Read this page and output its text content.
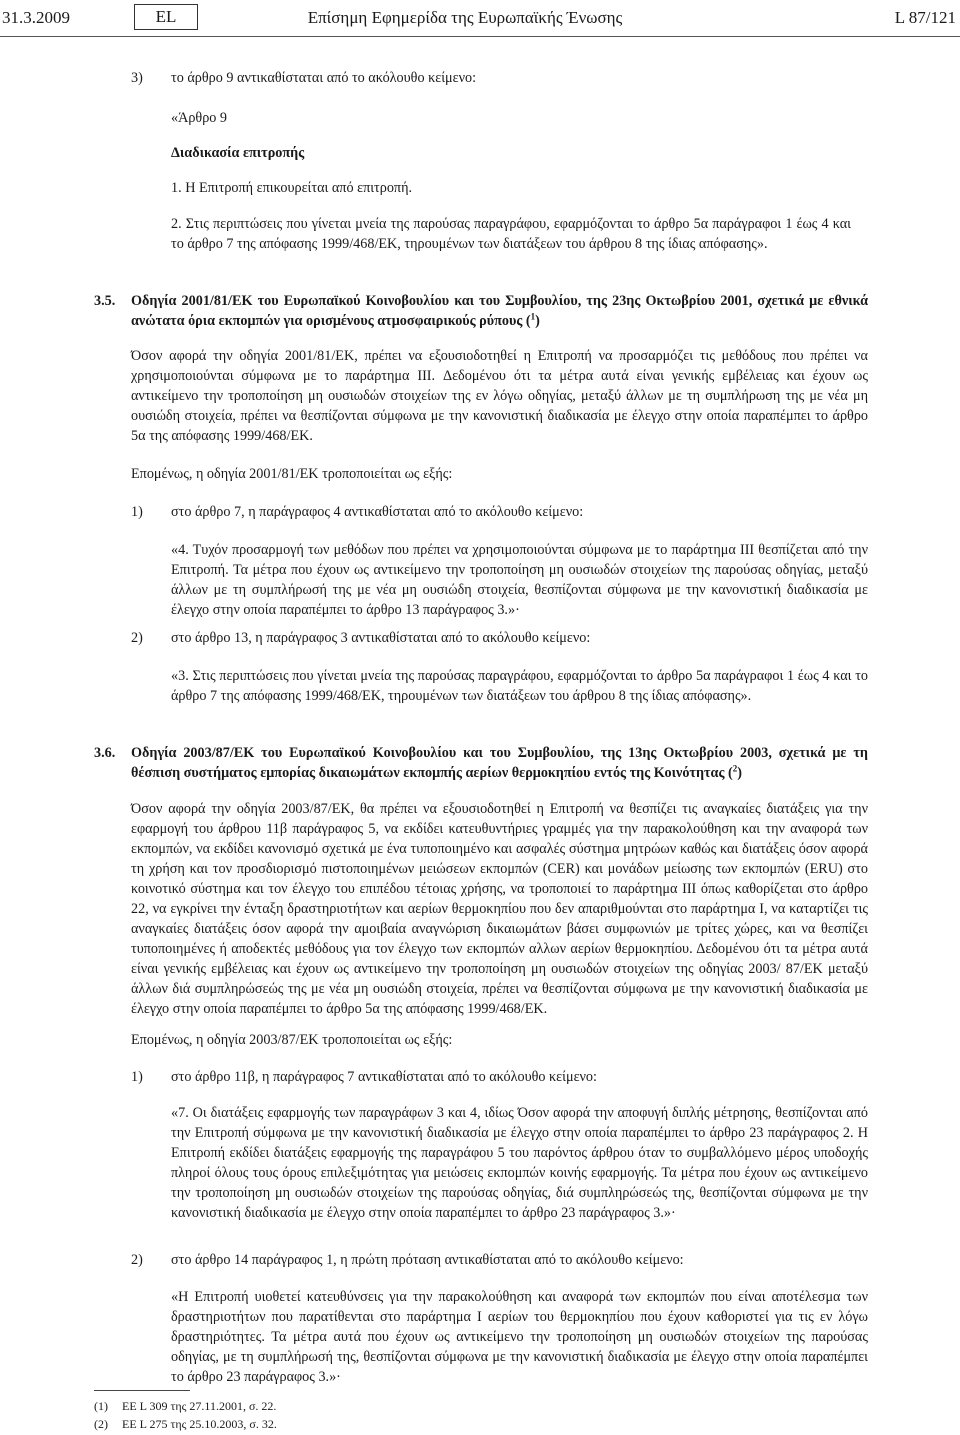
31.3.2009	EL	Επίσημη Εφημερίδα της Ευρωπαϊκής Ένωσης	L 87/121
3) το άρθρο 9 αντικαθίσταται από το ακόλουθο κείμενο:
«Άρθρο 9
Διαδικασία επιτροπής
1. Η Επιτροπή επικουρείται από επιτροπή.
2. Στις περιπτώσεις που γίνεται μνεία της παρούσας παραγράφου, εφαρμόζονται το άρθρο 5α παράγραφοι 1 έως 4 και το άρθρο 7 της απόφασης 1999/468/ΕΚ, τηρουμένων των διατάξεων του άρθρου 8 της ίδιας απόφασης».
3.5. Οδηγία 2001/81/ΕΚ του Ευρωπαϊκού Κοινοβουλίου και του Συμβουλίου, της 23ης Οκτωβρίου 2001, σχετικά με εθνικά ανώτατα όρια εκπομπών για ορισμένους ατμοσφαιρικούς ρύπους ($^1$)
Όσον αφορά την οδηγία 2001/81/ΕΚ, πρέπει να εξουσιοδοτηθεί η Επιτροπή να προσαρμόζει τις μεθόδους που πρέπει να χρησιμοποιούνται σύμφωνα με το παράρτημα III. Δεδομένου ότι τα μέτρα αυτά είναι γενικής εμβέλειας και έχουν ως αντικείμενο την τροποποίηση μη ουσιωδών στοιχείων της εν λόγω οδηγίας, μεταξύ άλλων με τη συμπλήρωση της με νέα μη ουσιώδη στοιχεία, πρέπει να θεσπίζονται σύμφωνα με την κανονιστική διαδικασία με έλεγχο στην οποία παραπέμπει το άρθρο 5α της απόφασης 1999/468/ΕΚ.
Επομένως, η οδηγία 2001/81/ΕΚ τροποποιείται ως εξής:
1) στο άρθρο 7, η παράγραφος 4 αντικαθίσταται από το ακόλουθο κείμενο:
«4. Τυχόν προσαρμογή των μεθόδων που πρέπει να χρησιμοποιούνται σύμφωνα με το παράρτημα III θεσπίζεται από την Επιτροπή. Τα μέτρα που έχουν ως αντικείμενο την τροποποίηση μη ουσιωδών στοιχείων της παρούσας οδηγίας, μεταξύ άλλων με τη συμπλήρωσή της με νέα μη ουσιώδη στοιχεία, θεσπίζονται σύμφωνα με την κανονιστική διαδικασία με έλεγχο στην οποία παραπέμπει το άρθρο 13 παράγραφος 3.»·
2) στο άρθρο 13, η παράγραφος 3 αντικαθίσταται από το ακόλουθο κείμενο:
«3. Στις περιπτώσεις που γίνεται μνεία της παρούσας παραγράφου, εφαρμόζονται το άρθρο 5α παράγραφοι 1 έως 4 και το άρθρο 7 της απόφασης 1999/468/ΕΚ, τηρουμένων των διατάξεων του άρθρου 8 της ίδιας απόφασης».
3.6. Οδηγία 2003/87/ΕΚ του Ευρωπαϊκού Κοινοβουλίου και του Συμβουλίου, της 13ης Οκτωβρίου 2003, σχετικά με τη θέσπιση συστήματος εμπορίας δικαιωμάτων εκπομπής αερίων θερμοκηπίου εντός της Κοινότητας ($^2$)
Όσον αφορά την οδηγία 2003/87/ΕΚ, θα πρέπει να εξουσιοδοτηθεί η Επιτροπή να θεσπίζει τις αναγκαίες διατάξεις για την εφαρμογή του άρθρου 11β παράγραφος 5, να εκδίδει κατευθυντήριες γραμμές για την παρακολούθηση και την αναφορά των εκπομπών, να εκδίδει κανονισμό σχετικά με ένα τυποποιημένο και ασφαλές σύστημα μητρώων καθώς και διατάξεις όσον αφορά τη χρήση και τον προσδιορισμό πιστοποιημένων μειώσεων εκπομπών (CER) και μονάδων μείωσης των εκπομπών (ERU) στο κοινοτικό σύστημα και τον έλεγχο του επιπέδου τέτοιας χρήσης, να τροποποιεί το παράρτημα III όπως καθορίζεται στο άρθρο 22, να εγκρίνει την ένταξη δραστηριοτήτων και αερίων θερμοκηπίου που δεν απαριθμούνται στο παράρτημα I, να καταρτίζει τις αναγκαίες διατάξεις όσον αφορά την αμοιβαία αναγνώριση δικαιωμάτων βάσει συμφωνιών με τρίτες χώρες, και να θεσπίζει τυποποιημένες ή αποδεκτές μεθόδους για τον έλεγχο των εκπομπών αλλων αερίων θερμοκηπίου. Δεδομένου ότι τα μέτρα αυτά είναι γενικής εμβέλειας και έχουν ως αντικείμενο την τροποποίηση μη ουσιωδών στοιχείων της οδηγίας 2003/ 87/ΕΚ μεταξύ άλλων διά συμπληρώσεώς της με νέα μη ουσιώδη στοιχεία, πρέπει να θεσπίζονται σύμφωνα με την κανονιστική διαδικασία με έλεγχο στην οποία παραπέμπει το άρθρο 5α της απόφασης 1999/468/ΕΚ.
Επομένως, η οδηγία 2003/87/ΕΚ τροποποιείται ως εξής:
1) στο άρθρο 11β, η παράγραφος 7 αντικαθίσταται από το ακόλουθο κείμενο:
«7. Οι διατάξεις εφαρμογής των παραγράφων 3 και 4, ιδίως Όσον αφορά την αποφυγή διπλής μέτρησης, θεσπίζονται από την Επιτροπή σύμφωνα με την κανονιστική διαδικασία με έλεγχο στην οποία παραπέμπει το άρθρο 23 παράγραφος 2. Η Επιτροπή εκδίδει διατάξεις εφαρμογής της παραγράφου 5 του παρόντος άρθρου όταν το συμβαλλόμενο μέρος υποδοχής πληροί όλους τους όρους επιλεξιμότητας για μειώσεις εκπομπών κοινής εφαρμογής. Τα μέτρα που έχουν ως αντικείμενο την τροποποίηση μη ουσιωδών στοιχείων της παρούσας οδηγίας, διά συμπληρώσεώς της, θεσπίζονται σύμφωνα με την κανονιστική διαδικασία με έλεγχο στην οποία παραπέμπει το άρθρο 23 παράγραφος 3.»·
2) στο άρθρο 14 παράγραφος 1, η πρώτη πρόταση αντικαθίσταται από το ακόλουθο κείμενο:
«Η Επιτροπή υιοθετεί κατευθύνσεις για την παρακολούθηση και αναφορά των εκπομπών που είναι αποτέλεσμα των δραστηριοτήτων που παρατίθενται στο παράρτημα I αερίων του θερμοκηπίου που έχουν καθοριστεί για τις εν λόγω δραστηριότητες. Τα μέτρα αυτά που έχουν ως αντικείμενο την τροποποίηση μη ουσιωδών στοιχείων της παρούσας οδηγίας, με τη συμπλήρωσή της, θεσπίζονται σύμφωνα με την κανονιστική διαδικασία με έλεγχο στην οποία παραπέμπει το άρθρο 23 παράγραφος 3.»·
(1) ΕΕ L 309 της 27.11.2001, σ. 22.
(2) ΕΕ L 275 της 25.10.2003, σ. 32.
